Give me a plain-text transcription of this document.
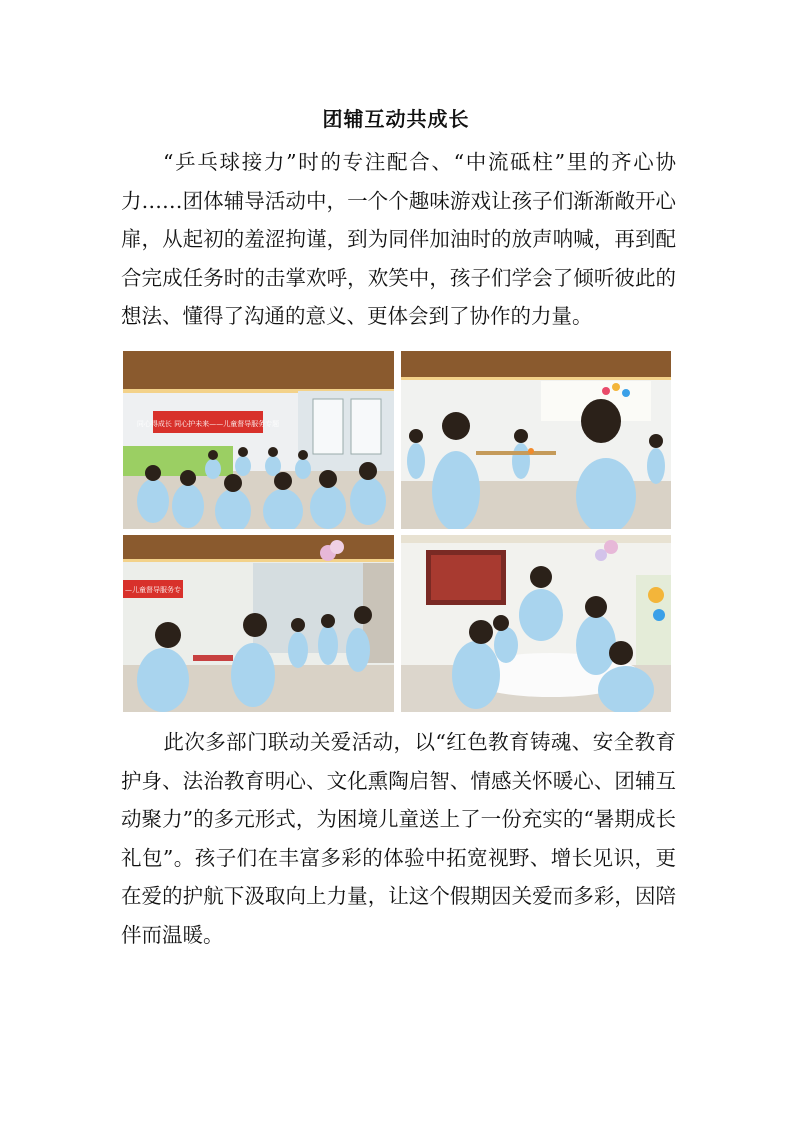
团辅互动共成长

“乒乓球接力”时的专注配合、“中流砥柱”里的齐心协力……团体辅导活动中，一个个趣味游戏让孩子们渐渐敞开心扉，从起初的羞涩拘谨，到为同伴加油时的放声呐喊，再到配合完成任务时的击掌欢呼，欢笑中，孩子们学会了倾听彼此的想法、懂得了沟通的意义、更体会到了协作的力量。

同心得成长 同心护未来——儿童督导服务专题
—儿童督导服务专

此次多部门联动关爱活动，以“红色教育铸魂、安全教育护身、法治教育明心、文化熏陶启智、情感关怀暖心、团辅互动聚力”的多元形式，为困境儿童送上了一份充实的“暑期成长礼包”。孩子们在丰富多彩的体验中拓宽视野、增长见识，更在爱的护航下汲取向上力量，让这个假期因关爱而多彩，因陪伴而温暖。
